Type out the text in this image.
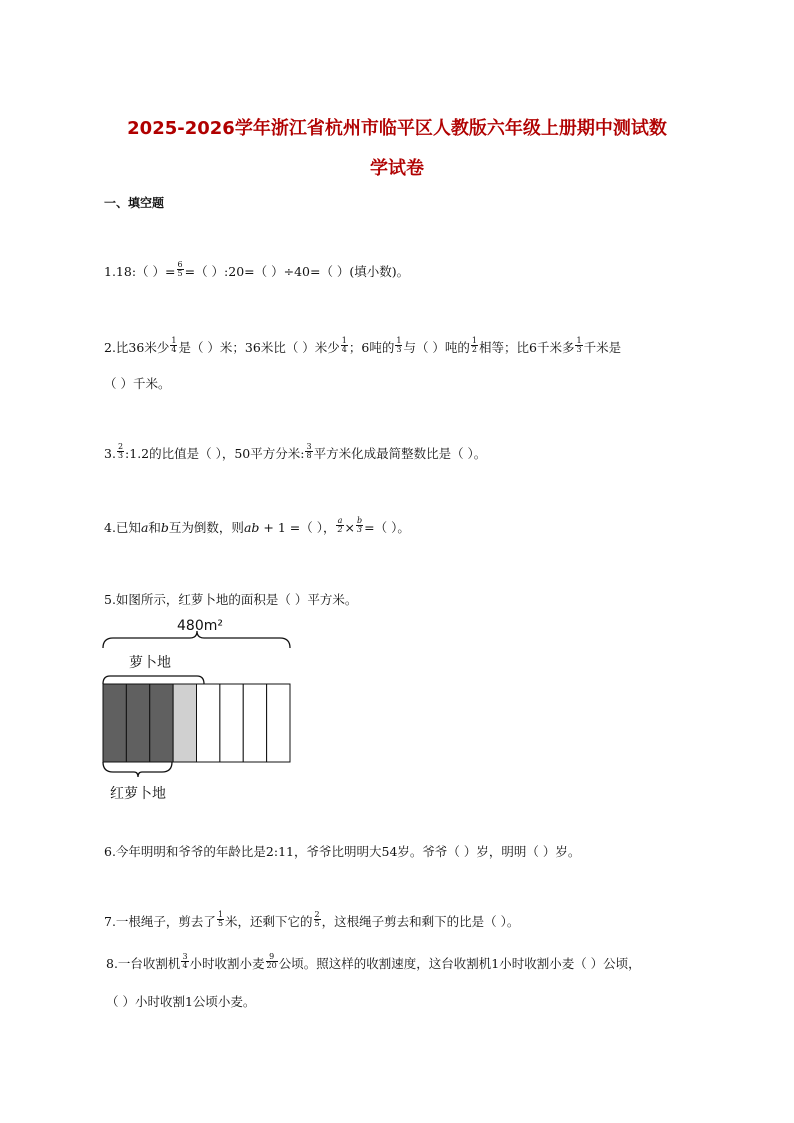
2025-2026学年浙江省杭州市临平区人教版六年级上册期中测试数
学试卷
一、填空题
1.18:（ ）= $\frac{6}{5}$ =（ ）:20=（ ）÷40=（ ）(填小数)。
2.比36米少 $\frac{1}{4}$ 是（ ）米；36米比（ ）米少 $\frac{1}{4}$ ；6吨的 $\frac{1}{3}$ 与（ ）吨的 $\frac{1}{2}$ 相等；比6千米多 $\frac{1}{3}$ 千米是
（ ）千米。
3. $\frac{2}{3}$ :1.2的比值是（ ），50平方分米: $\frac{3}{8}$ 平方米化成最简整数比是（ ）。
4.已知a和b互为倒数，则ab + 1 =（ ）， $\frac{a}{2} \times \frac{b}{3}$ =（ ）。
5.如图所示，红萝卜地的面积是（ ）平方米。
480m²
萝卜地
红萝卜地
6.今年明明和爷爷的年龄比是2:11，爷爷比明明大54岁。爷爷（ ）岁，明明（ ）岁。
7.一根绳子，剪去了 $\frac{1}{5}$ 米，还剩下它的 $\frac{2}{5}$ ，这根绳子剪去和剩下的比是（ ）。
8.一台收割机 $\frac{3}{4}$ 小时收割小麦 $\frac{9}{20}$ 公顷。照这样的收割速度，这台收割机1小时收割小麦（ ）公顷，
（ ）小时收割1公顷小麦。
